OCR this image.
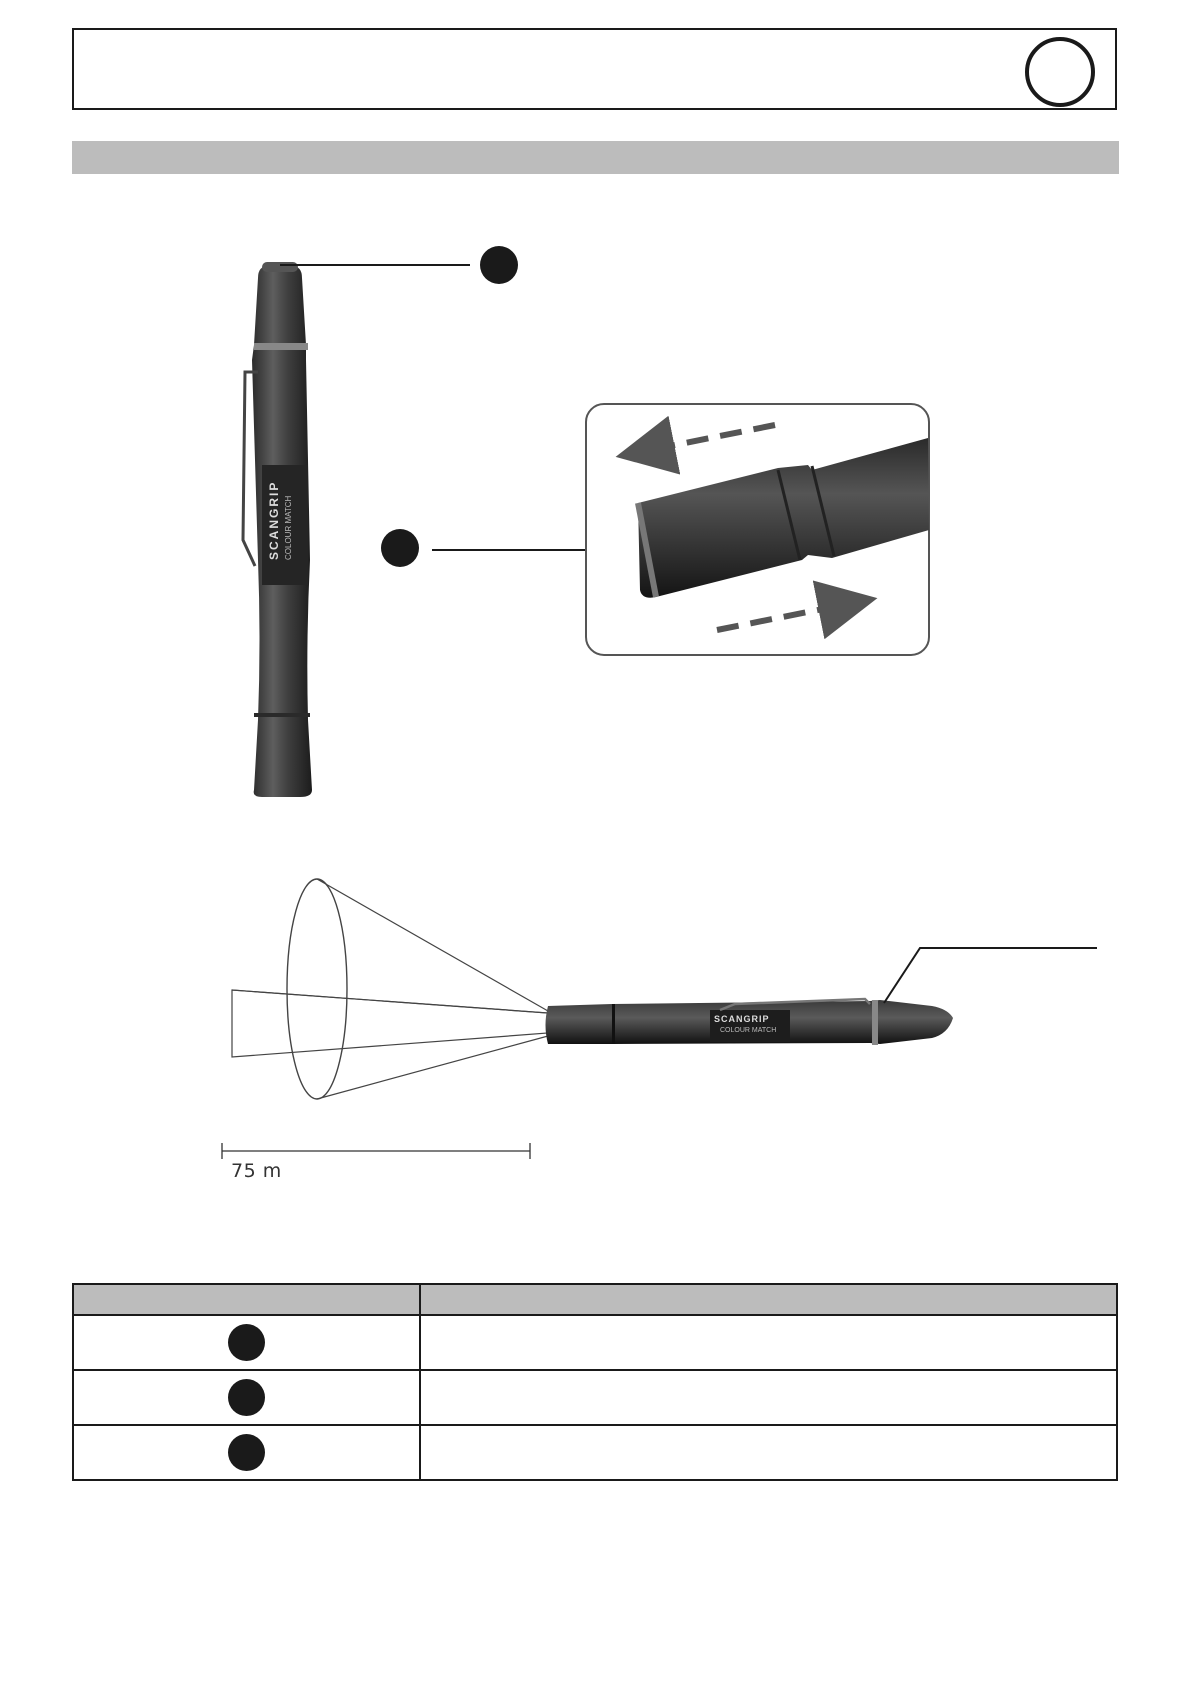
SCANGRIP COLOUR MATCH
SCANGRIP
COLOUR MATCH
75 m
